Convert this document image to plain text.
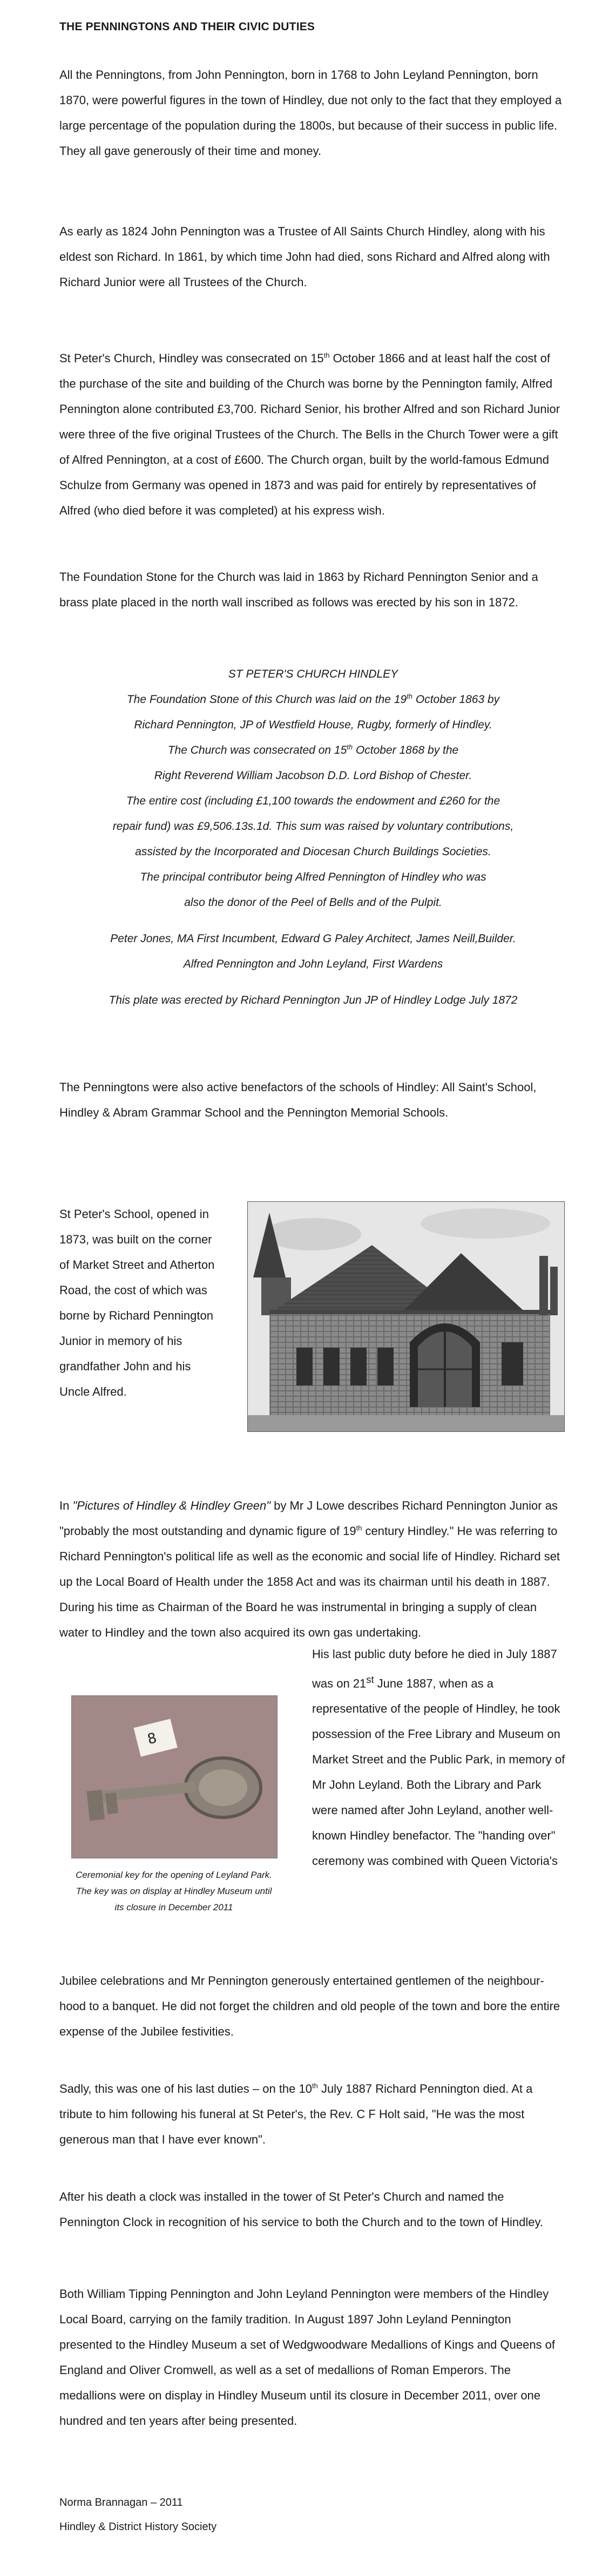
THE PENNINGTONS AND THEIR CIVIC DUTIES

All the Penningtons, from John Pennington, born in 1768 to John Leyland Pennington, born 1870, were powerful figures in the town of Hindley, due not only to the fact that they employed a large percentage of the population during the 1800s, but because of their success in public life. They all gave generously of their time and money.

As early as 1824 John Pennington was a Trustee of All Saints Church Hindley, along with his eldest son Richard. In 1861, by which time John had died, sons Richard and Alfred along with Richard Junior were all Trustees of the Church.

St Peter's Church, Hindley was consecrated on 15th October 1866 and at least half the cost of the purchase of the site and building of the Church was borne by the Pennington family, Alfred Pennington alone contributed £3,700. Richard Senior, his brother Alfred and son Richard Junior were three of the five original Trustees of the Church. The Bells in the Church Tower were a gift of Alfred Pennington, at a cost of £600. The Church organ, built by the world-famous Edmund Schulze from Germany was opened in 1873 and was paid for entirely by representatives of Alfred (who died before it was completed) at his express wish.

The Foundation Stone for the Church was laid in 1863 by Richard Pennington Senior and a brass plate placed in the north wall inscribed as follows was erected by his son in 1872.

ST PETER'S CHURCH HINDLEY
The Foundation Stone of this Church was laid on the 19th October 1863 by
Richard Pennington, JP of Westfield House, Rugby, formerly of Hindley.
The Church was consecrated on 15th October 1868 by the
Right Reverend William Jacobson D.D. Lord Bishop of Chester.
The entire cost (including £1,100 towards the endowment and £260 for the
repair fund) was £9,506.13s.1d. This sum was raised by voluntary contributions,
assisted by the Incorporated and Diocesan Church Buildings Societies.
The principal contributor being Alfred Pennington of Hindley who was
also the donor of the Peel of Bells and of the Pulpit.
Peter Jones, MA First Incumbent, Edward G Paley Architect, James Neill,Builder.
Alfred Pennington and John Leyland, First Wardens
This plate was erected by Richard Pennington Jun JP of Hindley Lodge July 1872

The Penningtons were also active benefactors of the schools of Hindley: All Saint's School, Hindley & Abram Grammar School and the Pennington Memorial Schools.

St Peter's School, opened in 1873, was built on the corner of Market Street and Atherton Road, the cost of which was borne by Richard Pennington Junior in memory of his grandfather John and his Uncle Alfred.

In "Pictures of Hindley & Hindley Green" by Mr J Lowe describes Richard Pennington Junior as "probably the most outstanding and dynamic figure of 19th century Hindley." He was referring to Richard Pennington's political life as well as the economic and social life of Hindley. Richard set up the Local Board of Health under the 1858 Act and was its chairman until his death in 1887. During his time as Chairman of the Board he was instrumental in bringing a supply of clean water to Hindley and the town also acquired its own gas undertaking.

8
Ceremonial key for the opening of Leyland Park. The key was on display at Hindley Museum until its closure in December 2011

His last public duty before he died in July 1887 was on 21st June 1887, when as a representative of the people of Hindley, he took possession of the Free Library and Museum on Market Street and the Public Park, in memory of Mr John Leyland. Both the Library and Park were named after John Leyland, another well-known Hindley benefactor. The "handing over" ceremony was combined with Queen Victoria's

Jubilee celebrations and Mr Pennington generously entertained gentlemen of the neighbour-hood to a banquet. He did not forget the children and old people of the town and bore the entire expense of the Jubilee festivities.

Sadly, this was one of his last duties – on the 10th July 1887 Richard Pennington died. At a tribute to him following his funeral at St Peter's, the Rev. C F Holt said, "He was the most generous man that I have ever known".

After his death a clock was installed in the tower of St Peter's Church and named the Pennington Clock in recognition of his service to both the Church and to the town of Hindley.

Both William Tipping Pennington and John Leyland Pennington were members of the Hindley Local Board, carrying on the family tradition. In August 1897 John Leyland Pennington presented to the Hindley Museum a set of Wedgwoodware Medallions of Kings and Queens of England and Oliver Cromwell, as well as a set of medallions of Roman Emperors. The medallions were on display in Hindley Museum until its closure in December 2011, over one hundred and ten years after being presented.

Norma Brannagan – 2011
Hindley & District History Society
